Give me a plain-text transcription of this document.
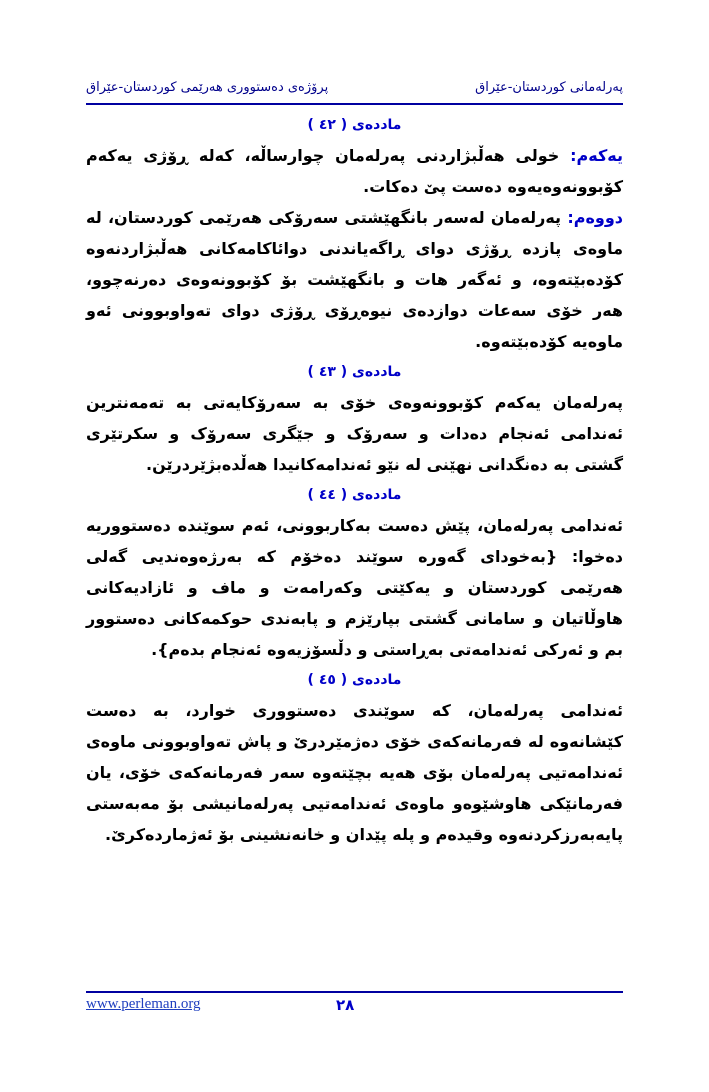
پەرلەمانی کوردستان-عێراق
پرۆژەی دەستووری هەرێمی کوردستان-عێراق
ماددەی ( ٤٢ )

یەکەم: خولی هەڵبژاردنی پەرلەمان چوارساڵە، کەلە ڕۆژی یەکەم کۆبوونەوەیەوە دەست پێ دەکات.

دووەم: پەرلەمان لەسەر بانگهێشتی سەرۆکی هەرێمی کوردستان، لە ماوەی پازدە ڕۆژی دوای ڕاگەیاندنی دوائاکامەکانی هەڵبژاردنەوە کۆدەبێتەوە، و ئەگەر هات و بانگهێشت بۆ کۆبوونەوەی دەرنەچوو، هەر خۆی سەعات دوازدەی نیوەڕۆی ڕۆژی دوای تەواوبوونی ئەو ماوەیە کۆدەبێتەوە.

ماددەی ( ٤٣ )

پەرلەمان یەکەم کۆبوونەوەی خۆی بە سەرۆکایەتی بە تەمەنترین ئەندامی ئەنجام دەدات و سەرۆک و جێگری سەرۆک و سکرتێری گشتی بە دەنگدانی نهێنی لە نێو ئەندامەکانیدا هەڵدەبژێردرێن.

ماددەی ( ٤٤ )

ئەندامی پەرلەمان، پێش دەست بەکاربوونی، ئەم سوێندە دەستووریە دەخوا: {بەخودای گەورە سوێند دەخۆم کە بەرژەوەندیی گەلی هەرێمی کوردستان و یەکێتی وکەرامەت و ماف و ئازادیەکانی هاوڵاتیان و سامانی گشتی بپارێزم و پابەندی حوکمەکانی دەستوور بم و ئەرکی ئەندامەتی بەڕاستی و دڵسۆزیەوە ئەنجام بدەم}.

ماددەی ( ٤٥ )

ئەندامی پەرلەمان، کە سوێندی دەستووری خوارد، بە دەست کێشانەوە لە فەرمانەکەی خۆی دەژمێردرێ و پاش تەواوبوونی ماوەی ئەندامەتیی پەرلەمان بۆی هەیە بچێتەوە سەر فەرمانەکەی خۆی، یان فەرمانێکی هاوشێوەو ماوەی ئەندامەتیی پەرلەمانیشی بۆ مەبەستی پایەبەرزکردنەوە وقیدەم و پلە پێدان و خانەنشینی بۆ ئەژماردەکرێ.

www.perleman.org	٢٨
